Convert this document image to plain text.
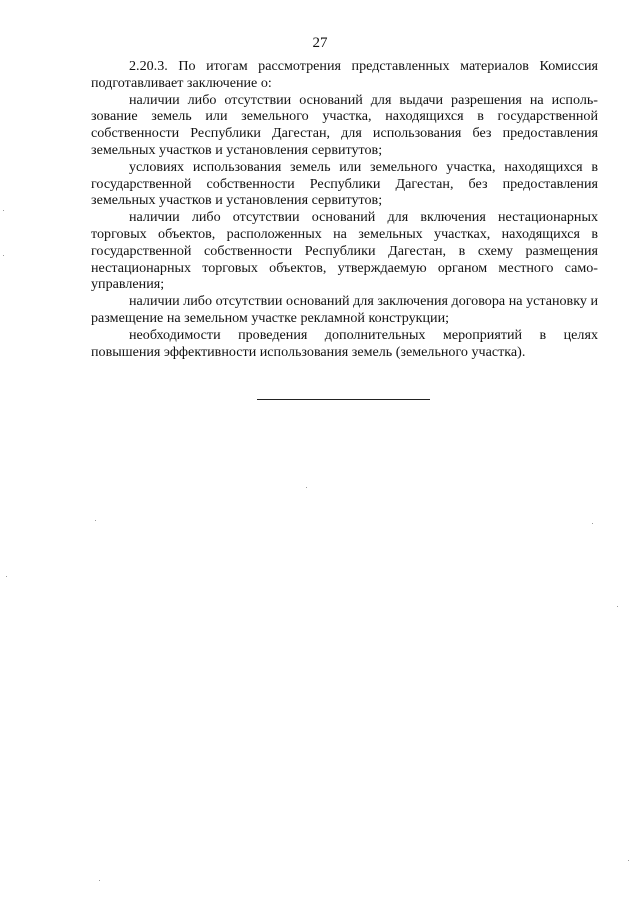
27

2.20.3. По итогам рассмотрения представленных материалов Комиссия подготавливает заключение о:

наличии либо отсутствии оснований для выдачи разрешения на использование земель или земельного участка, находящихся в государственной собственности Республики Дагестан, для использования без предоставления земельных участков и установления сервитутов;

условиях использования земель или земельного участка, находящихся в государственной собственности Республики Дагестан, без предоставления земельных участков и установления сервитутов;

наличии либо отсутствии оснований для включения нестационарных торговых объектов, расположенных на земельных участках, находящихся в государственной собственности Республики Дагестан, в схему размещения нестационарных торговых объектов, утверждаемую органом местного самоуправления;

наличии либо отсутствии оснований для заключения договора на установку и размещение на земельном участке рекламной конструкции;

необходимости проведения дополнительных мероприятий в целях повышения эффективности использования земель (земельного участка).
